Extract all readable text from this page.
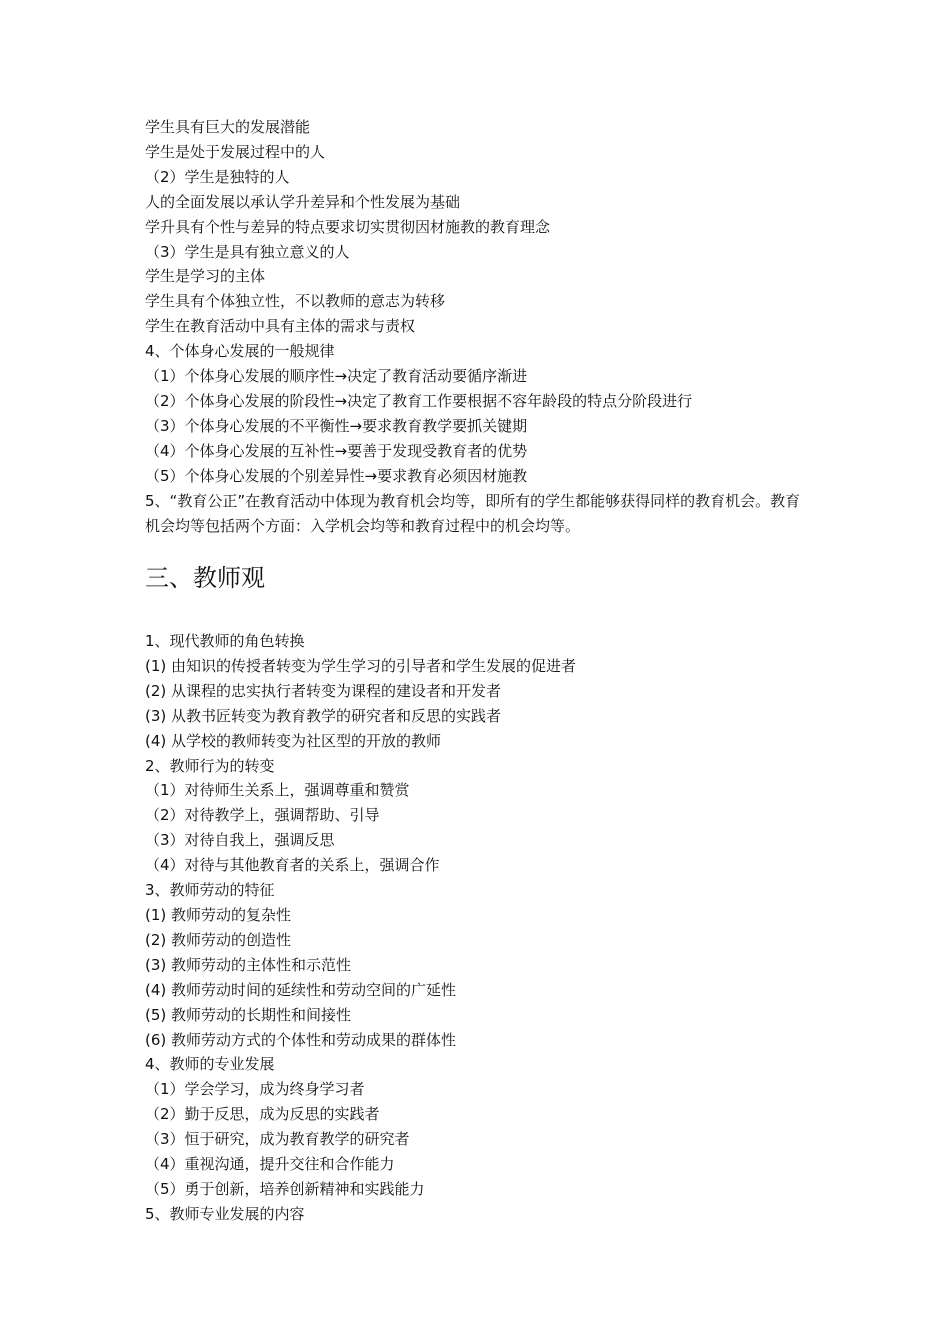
学生具有巨大的发展潜能

学生是处于发展过程中的人

（2）学生是独特的人

人的全面发展以承认学升差异和个性发展为基础

学升具有个性与差异的特点要求切实贯彻因材施教的教育理念

（3）学生是具有独立意义的人

学生是学习的主体

学生具有个体独立性，不以教师的意志为转移

学生在教育活动中具有主体的需求与责权

4、个体身心发展的一般规律

（1）个体身心发展的顺序性→决定了教育活动要循序渐进

（2）个体身心发展的阶段性→决定了教育工作要根据不容年龄段的特点分阶段进行

（3）个体身心发展的不平衡性→要求教育教学要抓关键期

（4）个体身心发展的互补性→要善于发现受教育者的优势

（5）个体身心发展的个别差异性→要求教育必须因材施教

5、“教育公正”在教育活动中体现为教育机会均等，即所有的学生都能够获得同样的教育机会。教育机会均等包括两个方面：入学机会均等和教育过程中的机会均等。

三、教师观

1、现代教师的角色转换

(1) 由知识的传授者转变为学生学习的引导者和学生发展的促进者

(2) 从课程的忠实执行者转变为课程的建设者和开发者

(3) 从教书匠转变为教育教学的研究者和反思的实践者

(4) 从学校的教师转变为社区型的开放的教师

2、教师行为的转变

（1）对待师生关系上，强调尊重和赞赏

（2）对待教学上，强调帮助、引导

（3）对待自我上，强调反思

（4）对待与其他教育者的关系上，强调合作

3、教师劳动的特征

(1) 教师劳动的复杂性

(2) 教师劳动的创造性

(3) 教师劳动的主体性和示范性

(4) 教师劳动时间的延续性和劳动空间的广延性

(5) 教师劳动的长期性和间接性

(6) 教师劳动方式的个体性和劳动成果的群体性

4、教师的专业发展

（1）学会学习，成为终身学习者

（2）勤于反思，成为反思的实践者

（3）恒于研究，成为教育教学的研究者

（4）重视沟通，提升交往和合作能力

（5）勇于创新，培养创新精神和实践能力

5、教师专业发展的内容
